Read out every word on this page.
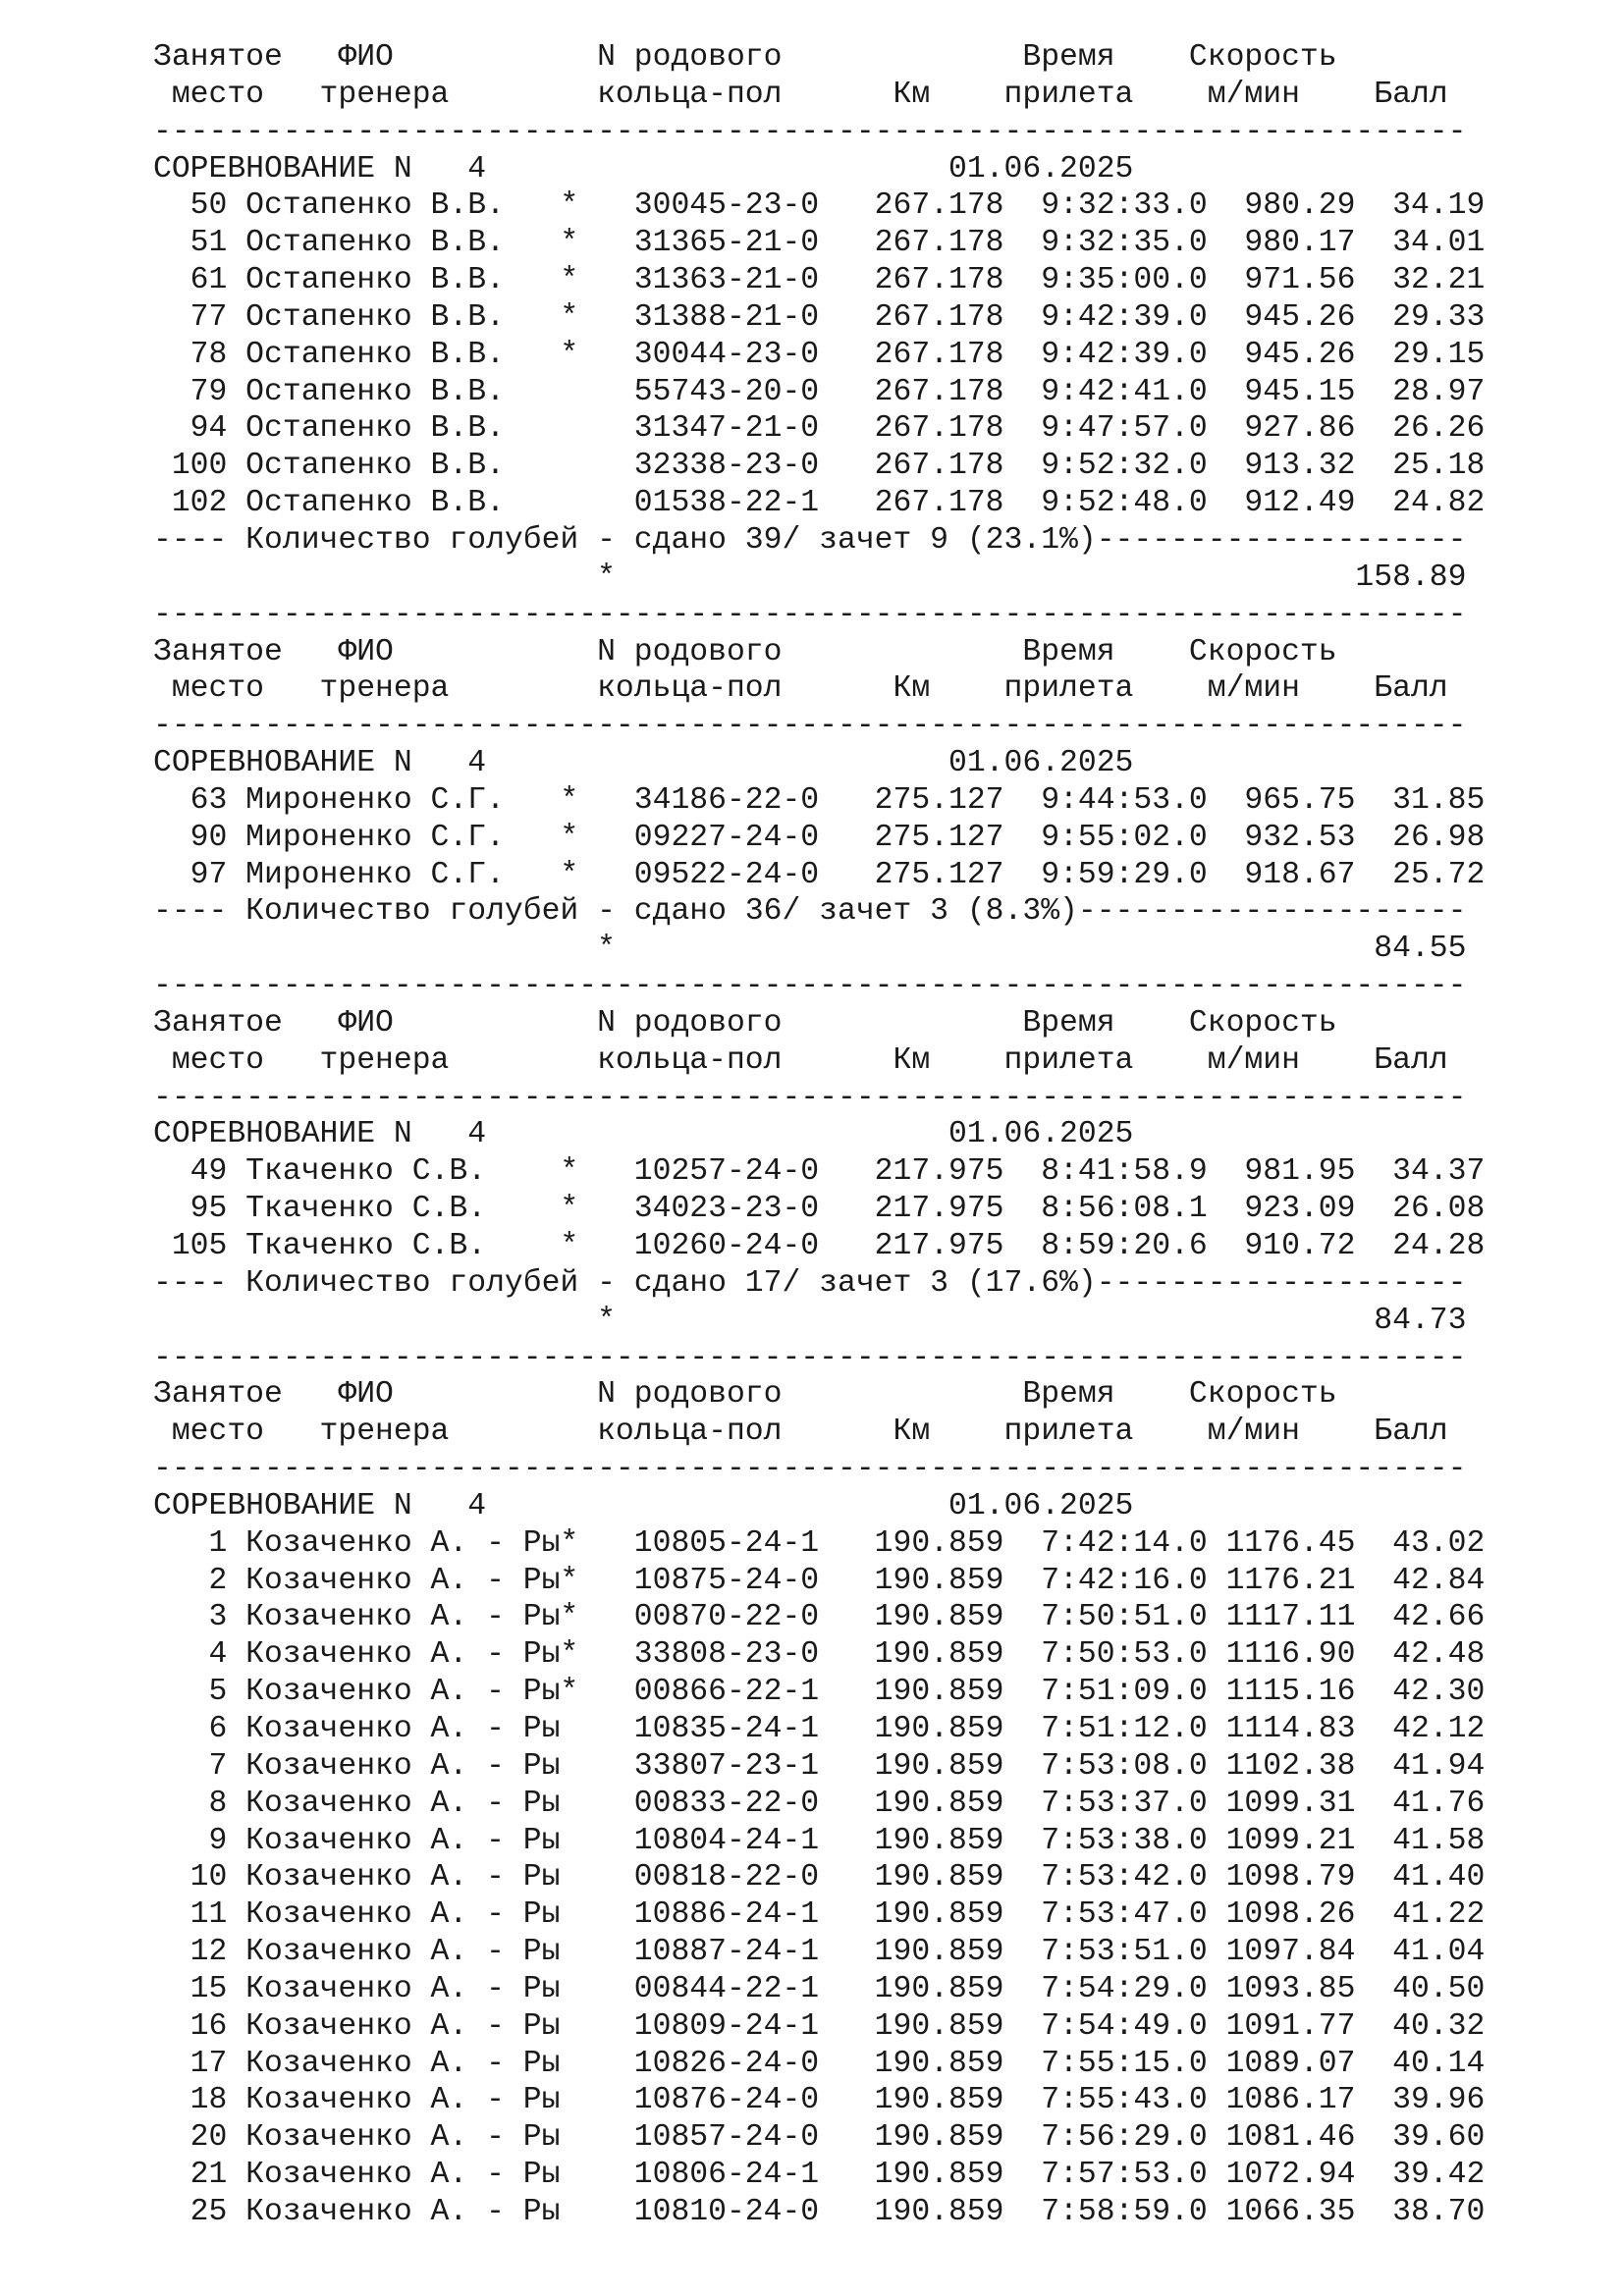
Занятое   ФИО           N родового             Время    Скорость
место   тренера        кольца-пол      Км    прилета    м/мин    Балл
-----------------------------------------------------------------------
СОРЕВНОВАНИЕ N   4                         01.06.2025
50 Остапенко В.В.   *   30045-23-0   267.178  9:32:33.0  980.29  34.19
51 Остапенко В.В.   *   31365-21-0   267.178  9:32:35.0  980.17  34.01
61 Остапенко В.В.   *   31363-21-0   267.178  9:35:00.0  971.56  32.21
77 Остапенко В.В.   *   31388-21-0   267.178  9:42:39.0  945.26  29.33
78 Остапенко В.В.   *   30044-23-0   267.178  9:42:39.0  945.26  29.15
79 Остапенко В.В.       55743-20-0   267.178  9:42:41.0  945.15  28.97
94 Остапенко В.В.       31347-21-0   267.178  9:47:57.0  927.86  26.26
100 Остапенко В.В.       32338-23-0   267.178  9:52:32.0  913.32  25.18
102 Остапенко В.В.       01538-22-1   267.178  9:52:48.0  912.49  24.82
---- Количество голубей - сдано 39/ зачет 9 (23.1%)--------------------
*                                        158.89
-----------------------------------------------------------------------
Занятое   ФИО           N родового             Время    Скорость
место   тренера        кольца-пол      Км    прилета    м/мин    Балл
-----------------------------------------------------------------------
СОРЕВНОВАНИЕ N   4                         01.06.2025
63 Мироненко С.Г.   *   34186-22-0   275.127  9:44:53.0  965.75  31.85
90 Мироненко С.Г.   *   09227-24-0   275.127  9:55:02.0  932.53  26.98
97 Мироненко С.Г.   *   09522-24-0   275.127  9:59:29.0  918.67  25.72
---- Количество голубей - сдано 36/ зачет 3 (8.3%)---------------------
*                                         84.55
-----------------------------------------------------------------------
Занятое   ФИО           N родового             Время    Скорость
место   тренера        кольца-пол      Км    прилета    м/мин    Балл
-----------------------------------------------------------------------
СОРЕВНОВАНИЕ N   4                         01.06.2025
49 Ткаченко С.В.    *   10257-24-0   217.975  8:41:58.9  981.95  34.37
95 Ткаченко С.В.    *   34023-23-0   217.975  8:56:08.1  923.09  26.08
105 Ткаченко С.В.    *   10260-24-0   217.975  8:59:20.6  910.72  24.28
---- Количество голубей - сдано 17/ зачет 3 (17.6%)--------------------
*                                         84.73
-----------------------------------------------------------------------
Занятое   ФИО           N родового             Время    Скорость
место   тренера        кольца-пол      Км    прилета    м/мин    Балл
-----------------------------------------------------------------------
СОРЕВНОВАНИЕ N   4                         01.06.2025
1 Козаченко А. - Ры*   10805-24-1   190.859  7:42:14.0 1176.45  43.02
2 Козаченко А. - Ры*   10875-24-0   190.859  7:42:16.0 1176.21  42.84
3 Козаченко А. - Ры*   00870-22-0   190.859  7:50:51.0 1117.11  42.66
4 Козаченко А. - Ры*   33808-23-0   190.859  7:50:53.0 1116.90  42.48
5 Козаченко А. - Ры*   00866-22-1   190.859  7:51:09.0 1115.16  42.30
6 Козаченко А. - Ры    10835-24-1   190.859  7:51:12.0 1114.83  42.12
7 Козаченко А. - Ры    33807-23-1   190.859  7:53:08.0 1102.38  41.94
8 Козаченко А. - Ры    00833-22-0   190.859  7:53:37.0 1099.31  41.76
9 Козаченко А. - Ры    10804-24-1   190.859  7:53:38.0 1099.21  41.58
10 Козаченко А. - Ры    00818-22-0   190.859  7:53:42.0 1098.79  41.40
11 Козаченко А. - Ры    10886-24-1   190.859  7:53:47.0 1098.26  41.22
12 Козаченко А. - Ры    10887-24-1   190.859  7:53:51.0 1097.84  41.04
15 Козаченко А. - Ры    00844-22-1   190.859  7:54:29.0 1093.85  40.50
16 Козаченко А. - Ры    10809-24-1   190.859  7:54:49.0 1091.77  40.32
17 Козаченко А. - Ры    10826-24-0   190.859  7:55:15.0 1089.07  40.14
18 Козаченко А. - Ры    10876-24-0   190.859  7:55:43.0 1086.17  39.96
20 Козаченко А. - Ры    10857-24-0   190.859  7:56:29.0 1081.46  39.60
21 Козаченко А. - Ры    10806-24-1   190.859  7:57:53.0 1072.94  39.42
25 Козаченко А. - Ры    10810-24-0   190.859  7:58:59.0 1066.35  38.70
